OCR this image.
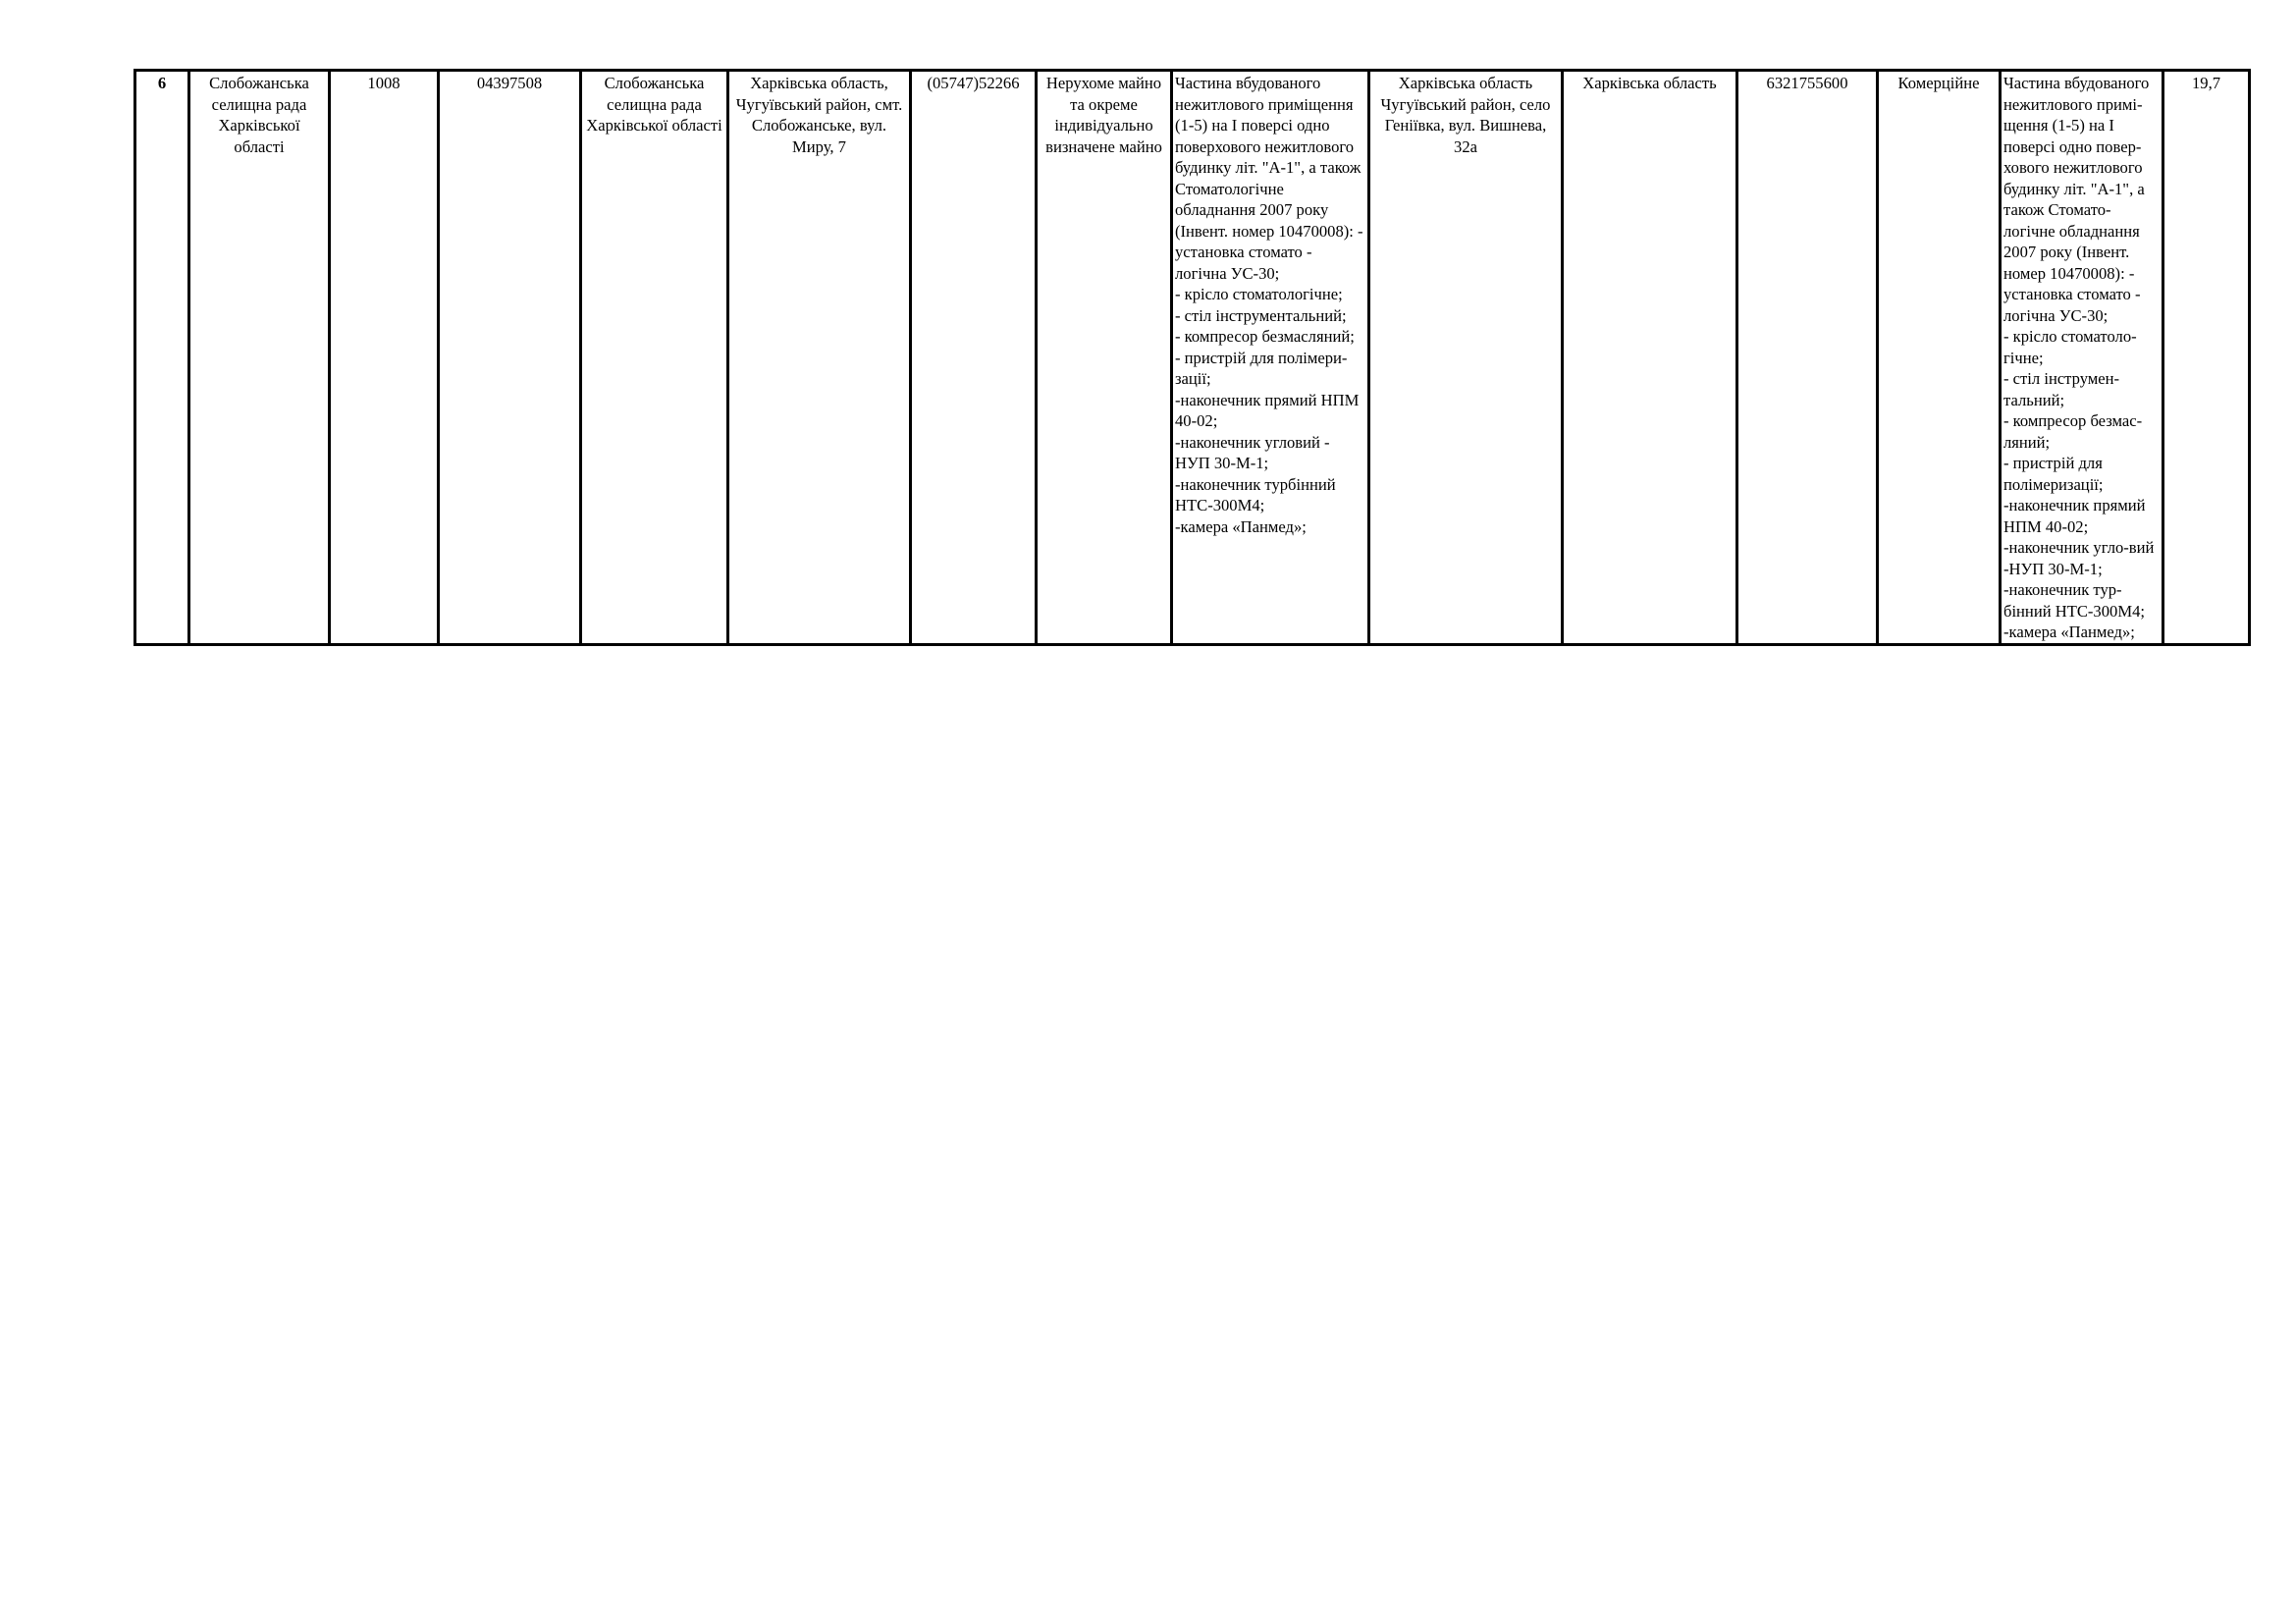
6	Слобожанська селищна рада Харківської області	1008	04397508	Слобожанська селищна рада Харківської області	Харківська область, Чугуївський район, смт. Слобожанське, вул. Миру, 7	(05747)52266	Нерухоме майно та окреме індивідуально визначене майно	Частина вбудованого
нежитлового приміщення
(1-5) на І поверсі одно
поверхового нежитлового
будинку літ. "А-1", а також
Стоматологічне
обладнання 2007 року
(Інвент. номер 10470008): -
установка стомато -
логічна УС-30;
- крісло стоматологічне;
- стіл інструментальний;
- компресор безмасляний;
- пристрій для полімери-
зації;
-наконечник прямий НПМ
40-02;
-наконечник угловий -
НУП 30-М-1;
-наконечник турбінний
НТС-300М4;
-камера «Панмед»;	Харківська область Чугуївський район, село Геніївка, вул. Вишнева, 32а	Харківська область	6321755600	Комерційне	Частина вбудованого
нежитлового примі-
щення (1-5) на І
поверсі одно повер-
хового нежитлового
будинку літ. "А-1", а
також Стомато-
логічне обладнання
2007 року (Інвент.
номер 10470008): -
установка стомато -
логічна УС-30;
- крісло стоматоло-
гічне;
- стіл інструмен-
тальний;
- компресор безмас-
ляний;
- пристрій для
полімеризації;
-наконечник прямий
НПМ 40-02;
-наконечник угло-вий
-НУП 30-М-1;
-наконечник тур-
бінний НТС-300М4;
-камера «Панмед»;	19,7
